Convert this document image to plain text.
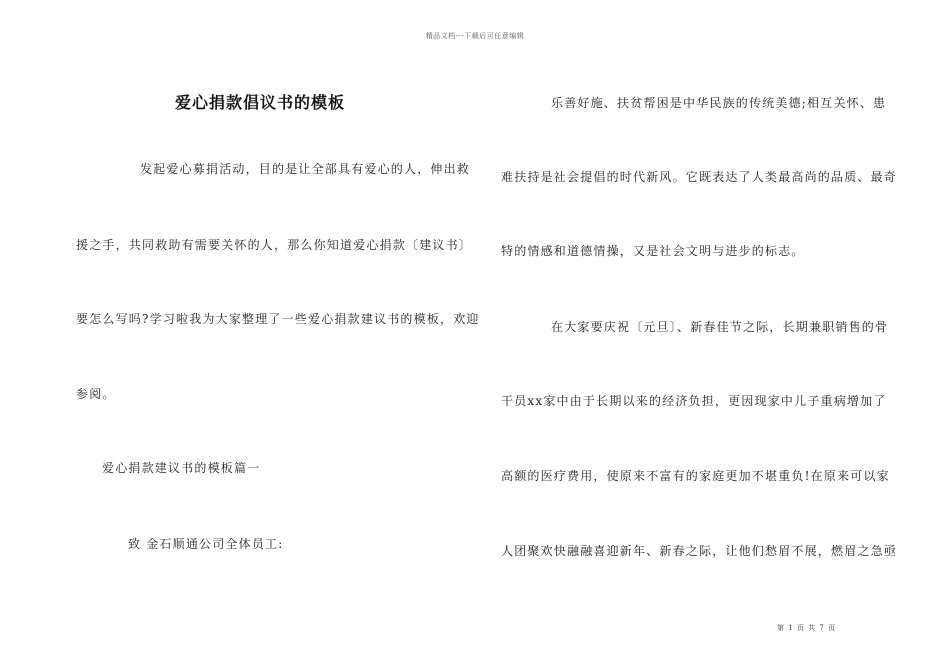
精品文档---下载后可任意编辑
爱心捐款倡议书的模板
发起爱心募捐活动，目的是让全部具有爱心的人，伸出救
援之手，共同救助有需要关怀的人，那么你知道爱心捐款〔建议书〕
要怎么写吗?学习啦我为大家整理了一些爱心捐款建议书的模板，欢迎
参阅。
爱心捐款建议书的模板篇一
致 金石顺通公司全体员工:
乐善好施、扶贫帮困是中华民族的传统美德;相互关怀、患
难扶持是社会提倡的时代新风。它既表达了人类最高尚的品质、最奇
特的情感和道德情操，又是社会文明与进步的标志。
在大家要庆祝〔元旦〕、新春佳节之际，长期兼职销售的骨
干员xx家中由于长期以来的经济负担，更因现家中儿子重病增加了
高额的医疗费用，使原来不富有的家庭更加不堪重负!在原来可以家
人团聚欢快融融喜迎新年、新春之际，让他们愁眉不展，燃眉之急亟
第 1 页 共 7 页
